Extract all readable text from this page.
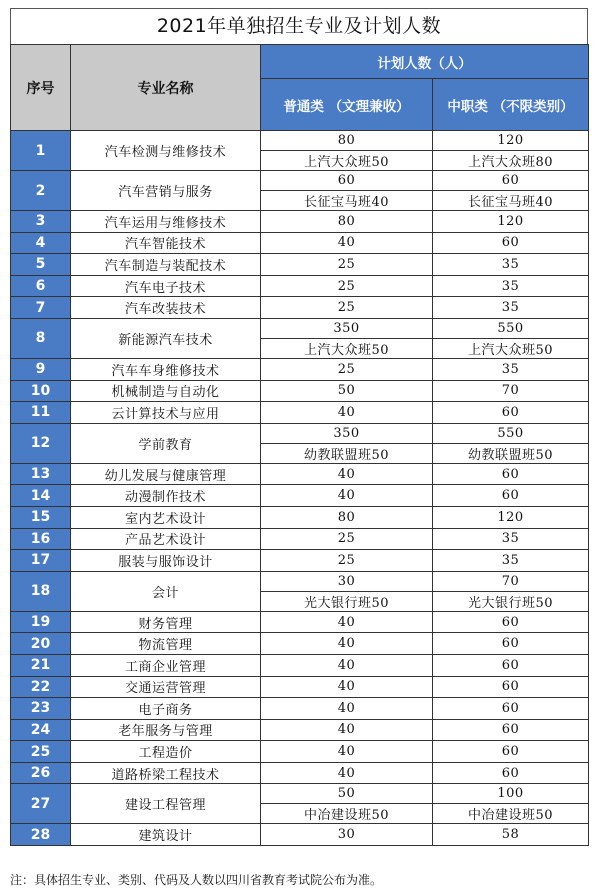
2021年单独招生专业及计划人数
序号	专业名称	计划人数（人）	
		普通类 （文理兼收）	中职类 （不限类别）
1	汽车检测与维修技术	80	120
		上汽大众班50	上汽大众班80
2	汽车营销与服务	60	60
		长征宝马班40	长征宝马班40
3	汽车运用与维修技术	80	120
4	汽车智能技术	40	60
5	汽车制造与装配技术	25	35
6	汽车电子技术	25	35
7	汽车改装技术	25	35
8	新能源汽车技术	350	550
		上汽大众班50	上汽大众班50
9	汽车车身维修技术	25	35
10	机械制造与自动化	50	70
11	云计算技术与应用	40	60
12	学前教育	350	550
		幼教联盟班50	幼教联盟班50
13	幼儿发展与健康管理	40	60
14	动漫制作技术	40	60
15	室内艺术设计	80	120
16	产品艺术设计	25	35
17	服装与服饰设计	25	35
18	会计	30	70
		光大银行班50	光大银行班50
19	财务管理	40	60
20	物流管理	40	60
21	工商企业管理	40	60
22	交通运营管理	40	60
23	电子商务	40	60
24	老年服务与管理	40	60
25	工程造价	40	60
26	道路桥梁工程技术	40	60
27	建设工程管理	50	100
		中冶建设班50	中冶建设班50
28	建筑设计	30	58
注：具体招生专业、类别、代码及人数以四川省教育考试院公布为准。
